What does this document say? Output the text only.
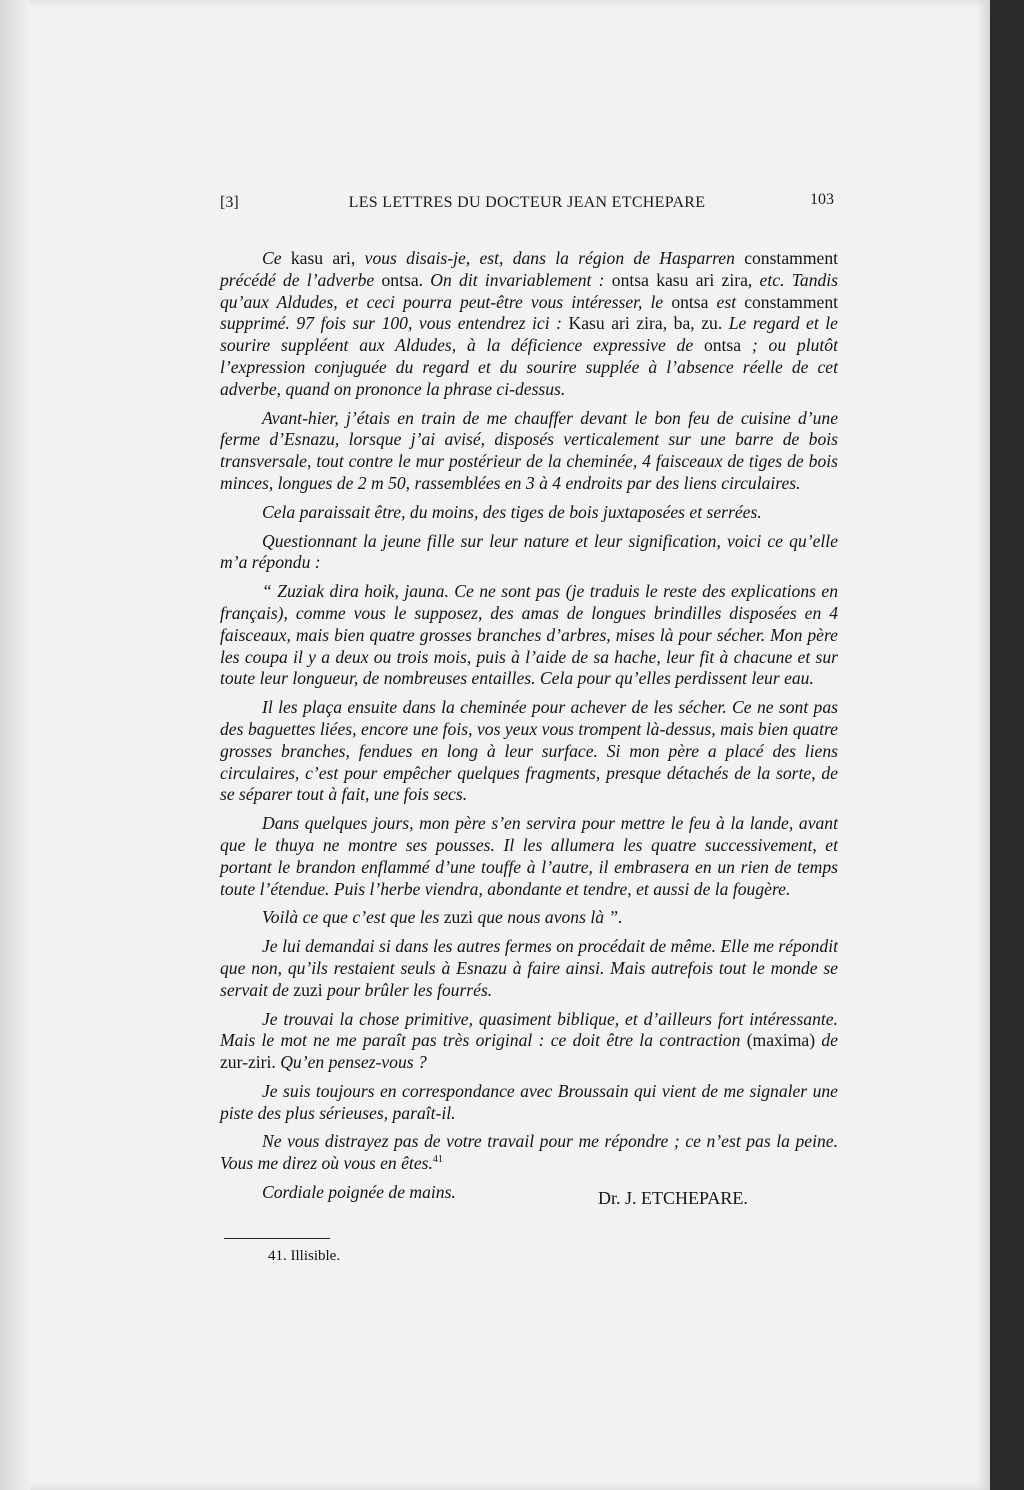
[3]	LES LETTRES DU DOCTEUR JEAN ETCHEPARE	103

Ce kasu ari, vous disais-je, est, dans la région de Hasparren constamment précédé de l’adverbe ontsa. On dit invariablement : ontsa kasu ari zira, etc. Tandis qu’aux Aldudes, et ceci pourra peut-être vous intéresser, le ontsa est constamment supprimé. 97 fois sur 100, vous entendrez ici : Kasu ari zira, ba, zu. Le regard et le sourire suppléent aux Aldudes, à la déficience expressive de ontsa ; ou plutôt l’expression conjuguée du regard et du sourire supplée à l’absence réelle de cet adverbe, quand on prononce la phrase ci-dessus.

Avant-hier, j’étais en train de me chauffer devant le bon feu de cuisine d’une ferme d’Esnazu, lorsque j’ai avisé, disposés verticalement sur une barre de bois transversale, tout contre le mur postérieur de la cheminée, 4 faisceaux de tiges de bois minces, longues de 2 m 50, rassemblées en 3 à 4 endroits par des liens circulaires.

Cela paraissait être, du moins, des tiges de bois juxtaposées et serrées.

Questionnant la jeune fille sur leur nature et leur signification, voici ce qu’elle m’a répondu :

“ Zuziak dira hoik, jauna. Ce ne sont pas (je traduis le reste des explications en français), comme vous le supposez, des amas de longues brindilles disposées en 4 faisceaux, mais bien quatre grosses branches d’arbres, mises là pour sécher. Mon père les coupa il y a deux ou trois mois, puis à l’aide de sa hache, leur fit à chacune et sur toute leur longueur, de nombreuses entailles. Cela pour qu’elles perdissent leur eau.

Il les plaça ensuite dans la cheminée pour achever de les sécher. Ce ne sont pas des baguettes liées, encore une fois, vos yeux vous trompent là-dessus, mais bien quatre grosses branches, fendues en long à leur surface. Si mon père a placé des liens circulaires, c’est pour empêcher quelques fragments, presque détachés de la sorte, de se séparer tout à fait, une fois secs.

Dans quelques jours, mon père s’en servira pour mettre le feu à la lande, avant que le thuya ne montre ses pousses. Il les allumera les quatre successivement, et portant le brandon enflammé d’une touffe à l’autre, il embrasera en un rien de temps toute l’étendue. Puis l’herbe viendra, abondante et tendre, et aussi de la fougère.

Voilà ce que c’est que les zuzi que nous avons là ”.

Je lui demandai si dans les autres fermes on procédait de même. Elle me répondit que non, qu’ils restaient seuls à Esnazu à faire ainsi. Mais autrefois tout le monde se servait de zuzi pour brûler les fourrés.

Je trouvai la chose primitive, quasiment biblique, et d’ailleurs fort intéressante. Mais le mot ne me paraît pas très original : ce doit être la contraction (maxima) de zur-ziri. Qu’en pensez-vous ?

Je suis toujours en correspondance avec Broussain qui vient de me signaler une piste des plus sérieuses, paraît-il.

Ne vous distrayez pas de votre travail pour me répondre ; ce n’est pas la peine. Vous me direz où vous en êtes.$^{41}$

Cordiale poignée de mains.	Dr. J. ETCHEPARE.
41. Illisible.
